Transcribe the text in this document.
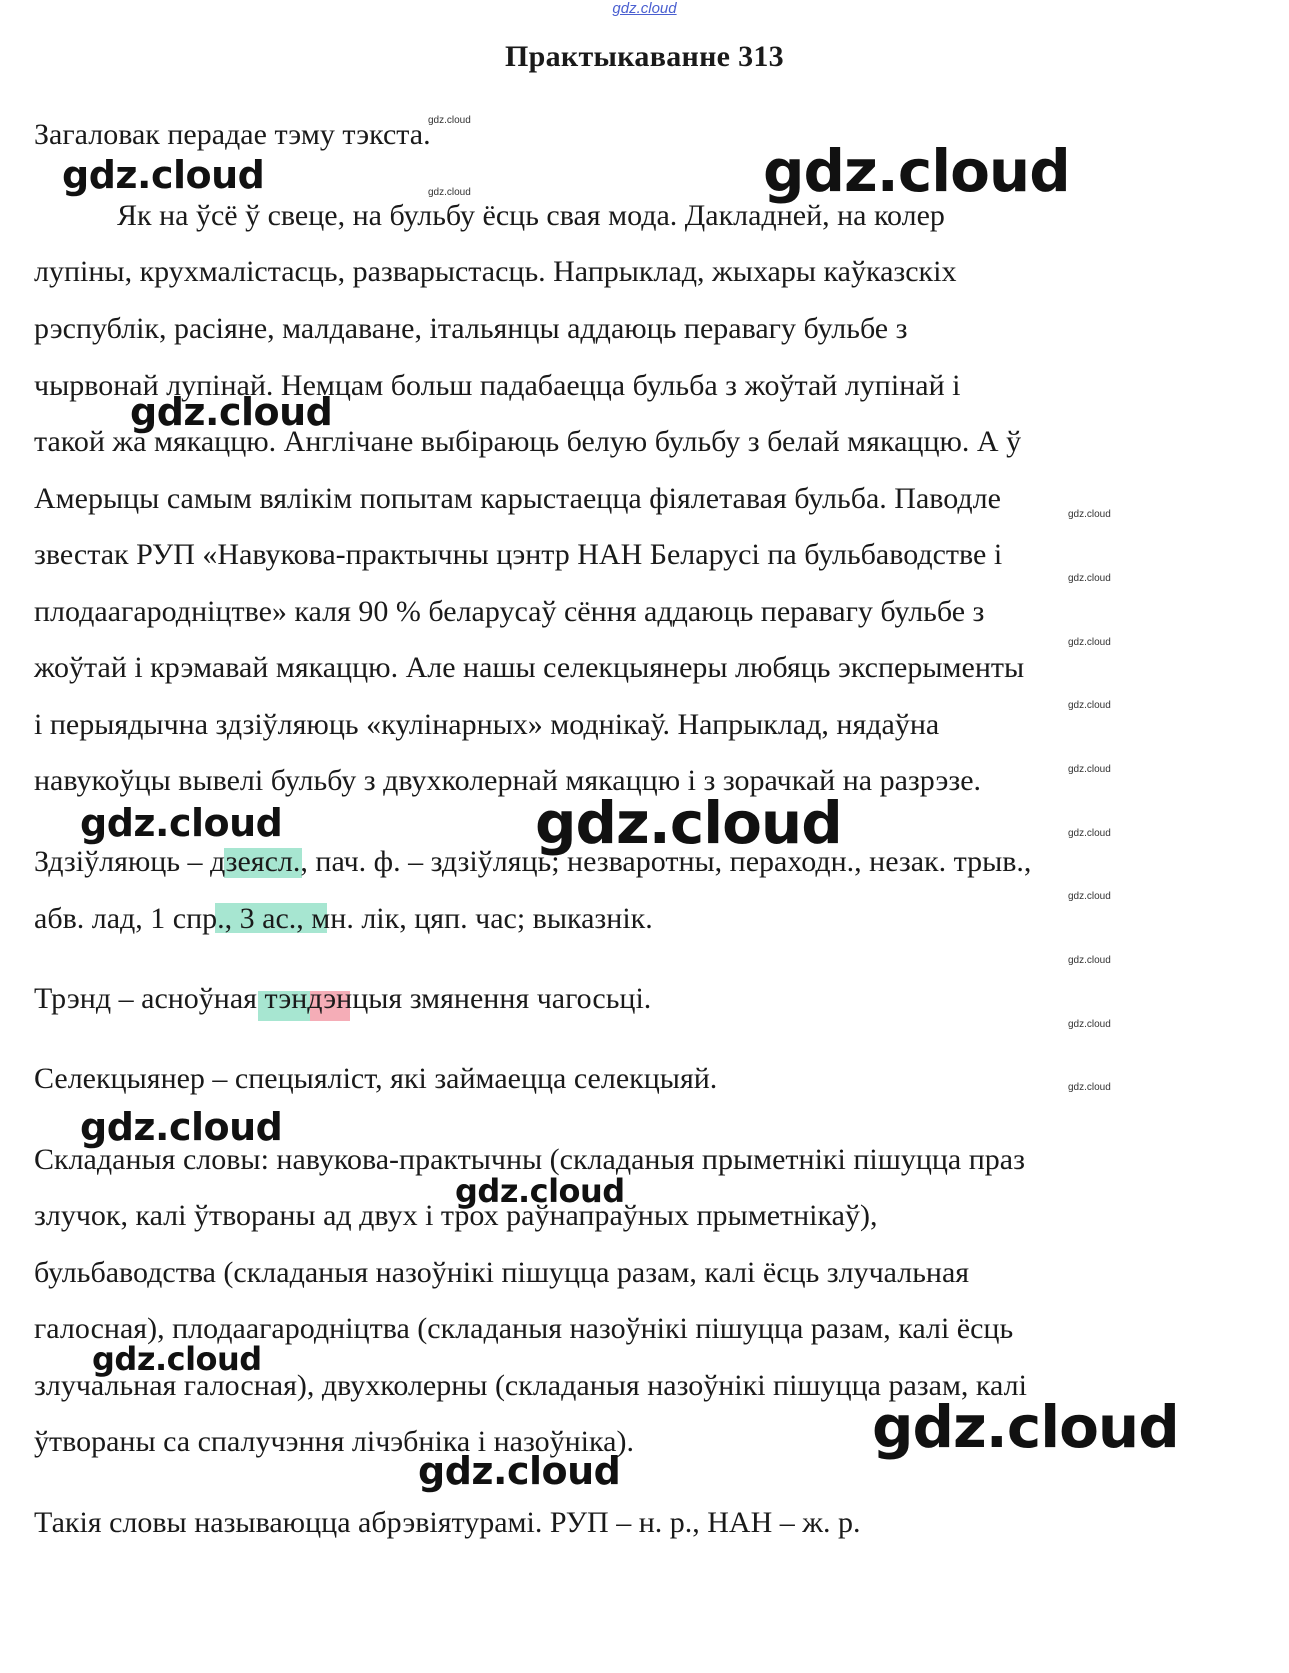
gdz.cloud
Практыкаванне 313
Загаловак перадае тэму тэкста.
Як на ўсё ў свеце, на бульбу ёсць свая мода. Дакладней, на колер
лупіны, крухмалістасць, разварыстасць. Напрыклад, жыхары каўказскіх
рэспублік, расіяне, малдаване, італьянцы аддаюць перавагу бульбе з
чырвонай лупінай. Немцам больш падабаецца бульба з жоўтай лупінай і
такой жа мякаццю. Англічане выбіраюць белую бульбу з белай мякаццю. А ў
Амерыцы самым вялікім попытам карыстаецца фіялетавая бульба. Паводле
звестак РУП «Навукова-практычны цэнтр НАН Беларусі па бульбаводстве і
плодаагародніцтве» каля 90 % беларусаў сёння аддаюць перавагу бульбе з
жоўтай і крэмавай мякаццю. Але нашы селекцыянеры любяць эксперыменты
і перыядычна здзіўляюць «кулінарных» моднікаў. Напрыклад, нядаўна
навукоўцы вывелі бульбу з двухколернай мякаццю і з зорачкай на разрэзе.
Здзіўляюць – дзеясл., пач. ф. – здзіўляць; незваротны, пераходн., незак. трыв.,
абв. лад, 1 спр., 3 ас., мн. лік, цяп. час; выказнік.
Трэнд – асноўная тэндэнцыя змянення чагосьці.
Селекцыянер – спецыяліст, які займаецца селекцыяй.
Складаныя словы: навукова-практычны (складаныя прыметнікі пішуцца праз
злучок, калі ўтвораны ад двух і трох раўнапраўных прыметнікаў),
бульбаводства (складаныя назоўнікі пішуцца разам, калі ёсць злучальная
галосная), плодаагародніцтва (складаныя назоўнікі пішуцца разам, калі ёсць
злучальная галосная), двухколерны (складаныя назоўнікі пішуцца разам, калі
ўтвораны са спалучэння лічэбніка і назоўніка).
Такія словы называюцца абрэвіятурамі. РУП – н. р., НАН – ж. р.
gdz.cloud	gdz.cloud
gdz.cloud
gdz.cloud	gdz.cloud
gdz.cloud
gdz.cloud
gdz.cloud
gdz.cloud
gdz.cloud
gdz.cloud
gdz.cloud
gdz.cloud
gdz.cloud
gdz.cloud
gdz.cloud
gdz.cloud
gdz.cloud
gdz.cloud
gdz.cloud
gdz.cloud
gdz.cloud
